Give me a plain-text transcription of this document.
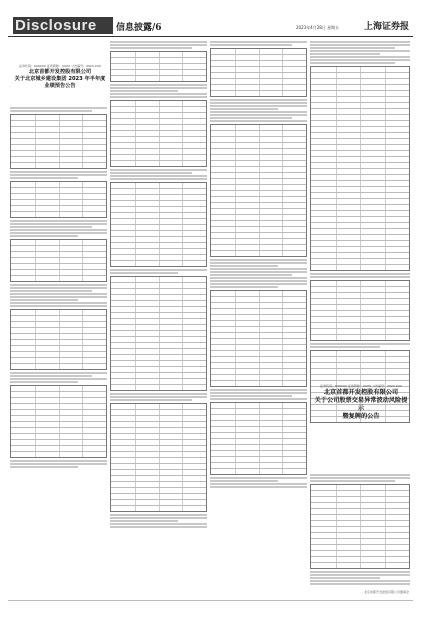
Disclosure	信息披露/6	2023年4月28日 星期五	上海证券报
证券代码：600XXX 证券简称：XXXX 公告编号：2023-XXX
北京首都开发控股有限公司
关于北京城乡建设集团 2023 年半年度业绩预告公告
证券代码：600XXX 证券简称：XXXX 公告编号：2023-XXX
北京首都开发控股有限公司
关于公司股票交易异常波动风险提示
暨复牌的公告
北京首都开发控股有限公司董事会
